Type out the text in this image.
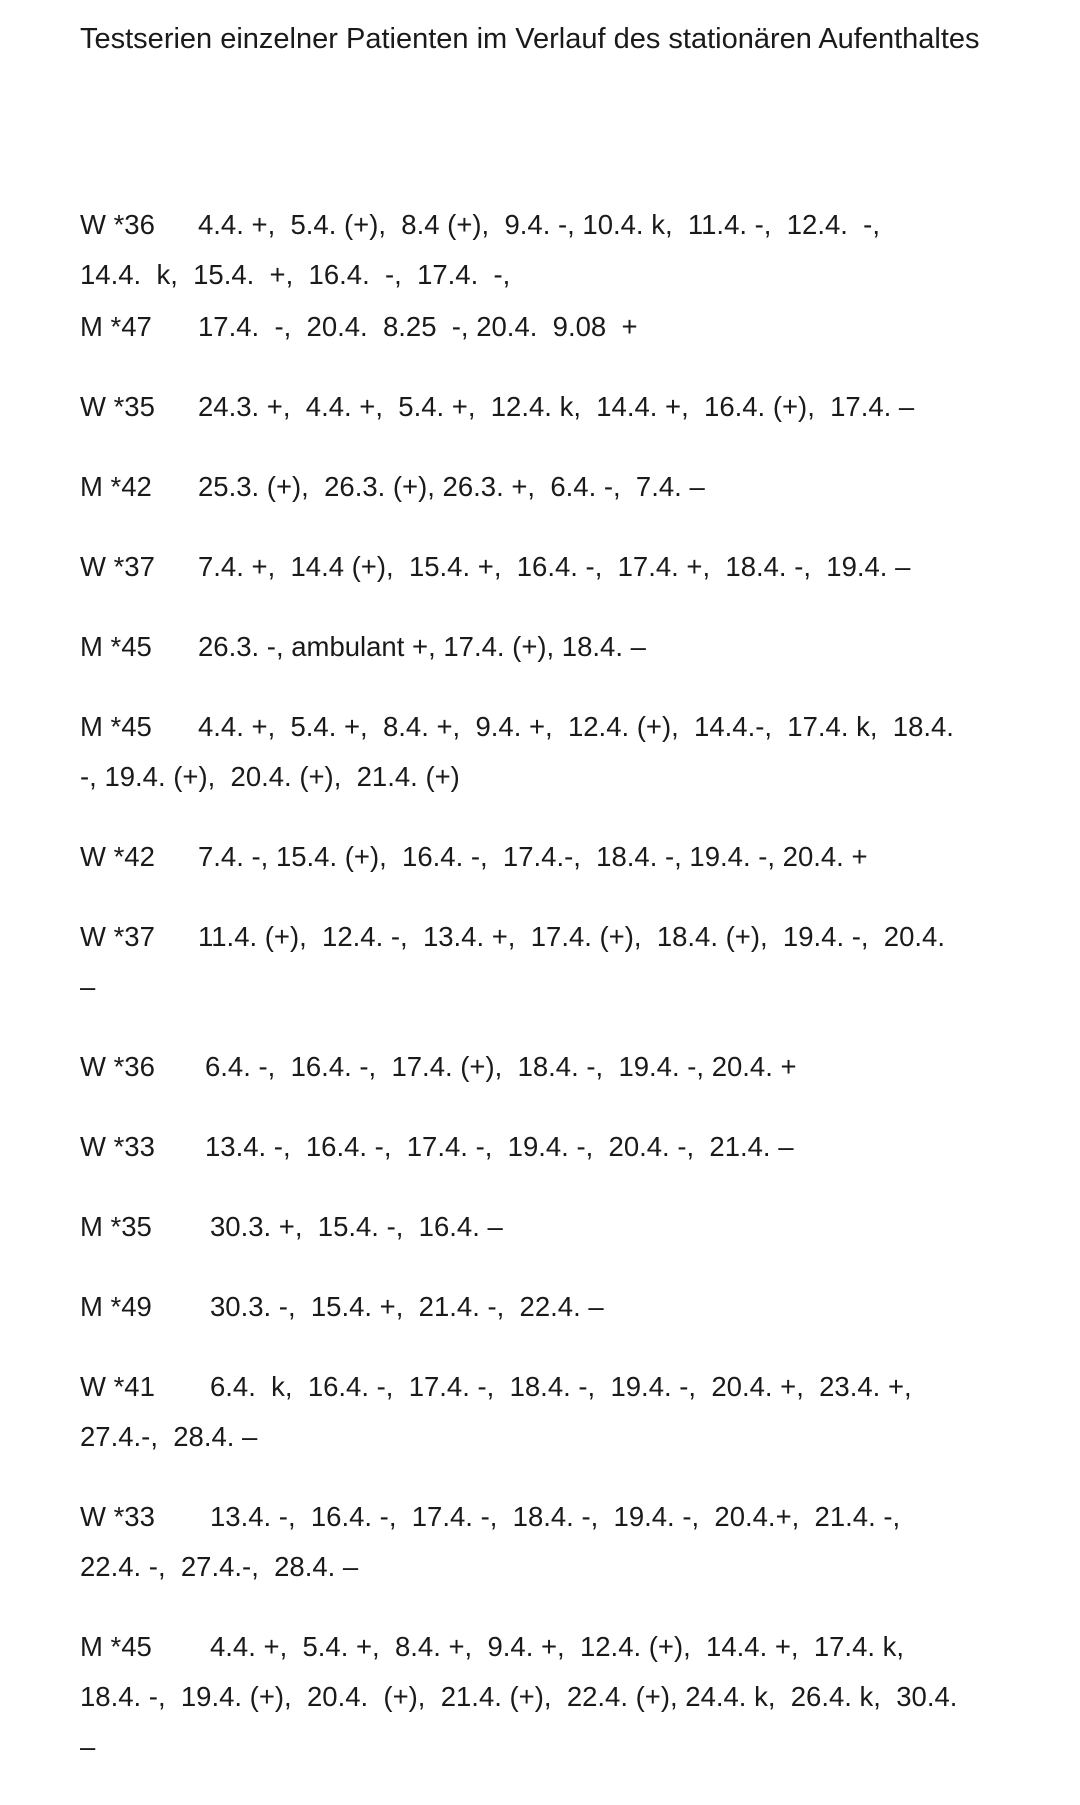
Testserien einzelner Patienten im Verlauf des stationären Aufenthaltes

W *36 4.4. +,  5.4. (+),  8.4 (+),  9.4. -, 10.4. k,  11.4. -,  12.4.  -,
14.4.  k,  15.4.  +,  16.4.  -,  17.4.  -,
M *47 17.4.  -,  20.4.  8.25  -, 20.4.  9.08  +
W *35 24.3. +,  4.4. +,  5.4. +,  12.4. k,  14.4. +,  16.4. (+),  17.4. –
M *42 25.3. (+),  26.3. (+), 26.3. +,  6.4. -,  7.4. –
W *37 7.4. +,  14.4 (+),  15.4. +,  16.4. -,  17.4. +,  18.4. -,  19.4. –
M *45 26.3. -, ambulant +, 17.4. (+), 18.4. –
M *45 4.4. +,  5.4. +,  8.4. +,  9.4. +,  12.4. (+),  14.4.-,  17.4. k,  18.4.
-, 19.4. (+),  20.4. (+),  21.4. (+)
W *42 7.4. -, 15.4. (+),  16.4. -,  17.4.-,  18.4. -, 19.4. -, 20.4. +
W *37 11.4. (+),  12.4. -,  13.4. +,  17.4. (+),  18.4. (+),  19.4. -,  20.4.
–
W *36 6.4. -,  16.4. -,  17.4. (+),  18.4. -,  19.4. -, 20.4. +
W *33 13.4. -,  16.4. -,  17.4. -,  19.4. -,  20.4. -,  21.4. –
M *35 30.3. +,  15.4. -,  16.4. –
M *49 30.3. -,  15.4. +,  21.4. -,  22.4. –
W *41 6.4.  k,  16.4. -,  17.4. -,  18.4. -,  19.4. -,  20.4. +,  23.4. +,
27.4.-,  28.4. –
W *33 13.4. -,  16.4. -,  17.4. -,  18.4. -,  19.4. -,  20.4.+,  21.4. -,
22.4. -,  27.4.-,  28.4. –
M *45 4.4. +,  5.4. +,  8.4. +,  9.4. +,  12.4. (+),  14.4. +,  17.4. k,
18.4. -,  19.4. (+),  20.4.  (+),  21.4. (+),  22.4. (+), 24.4. k,  26.4. k,  30.4.
–
